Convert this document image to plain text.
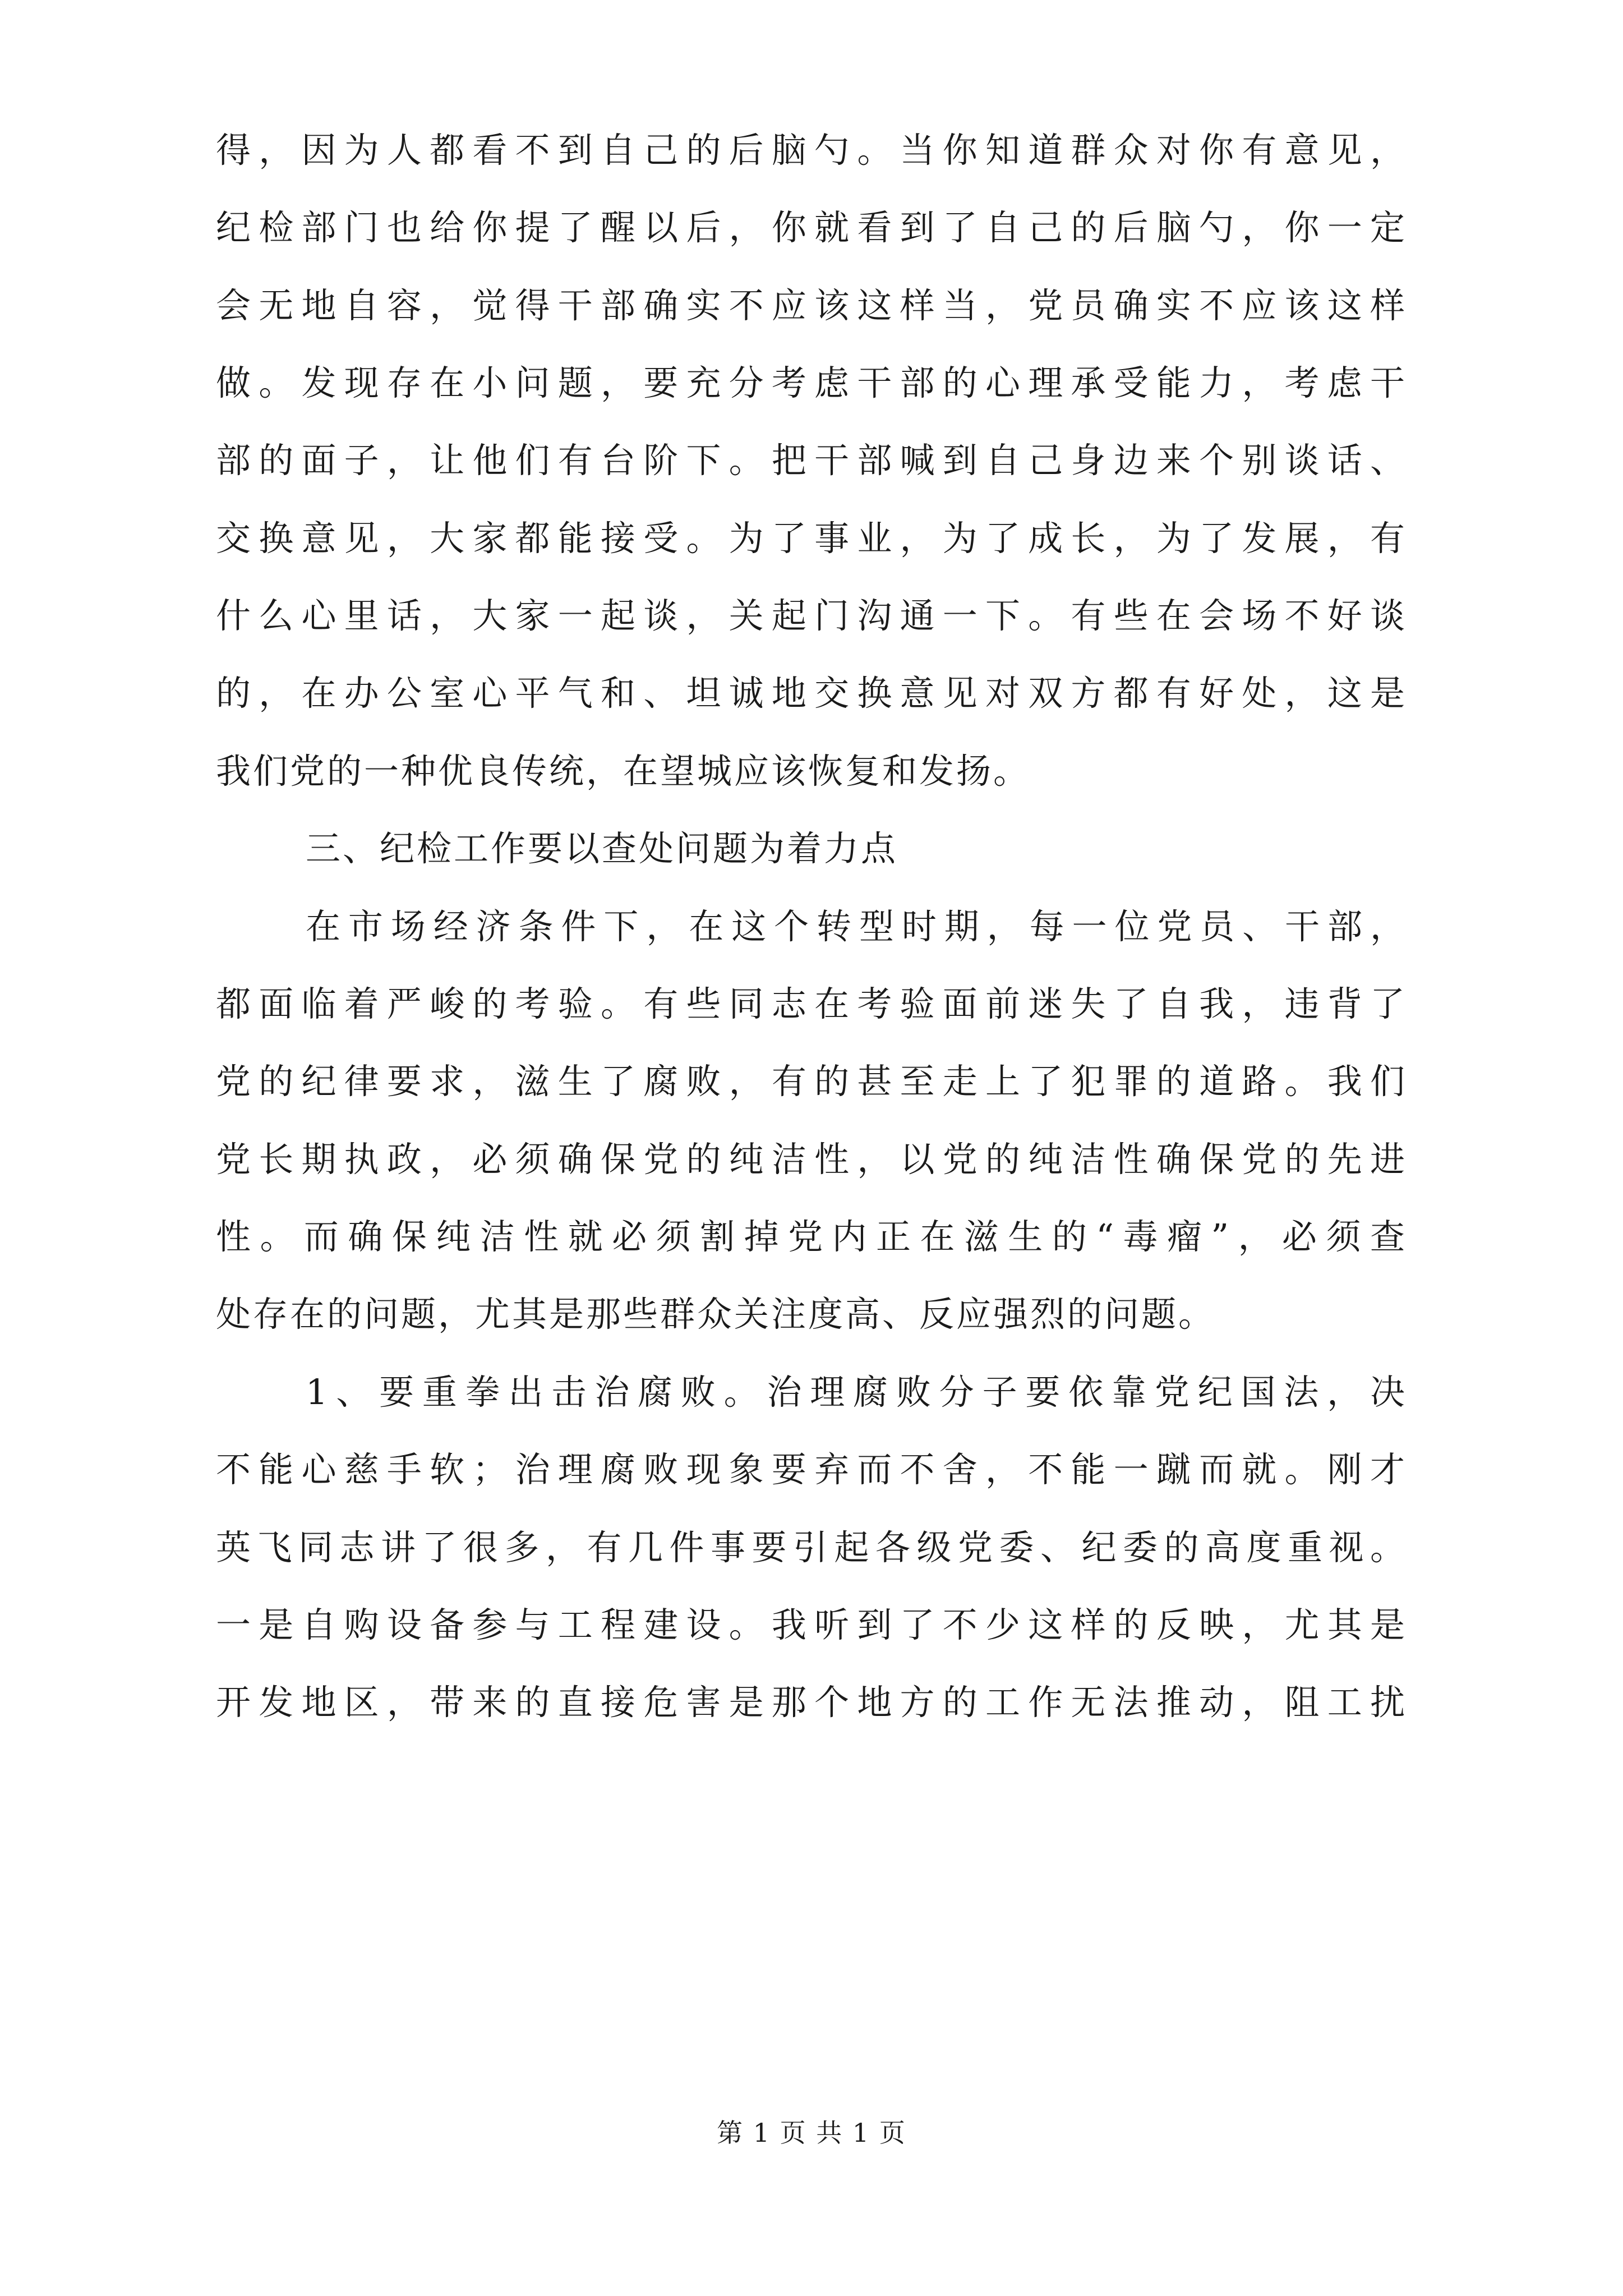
得，因为人都看不到自己的后脑勺。当你知道群众对你有意见，
纪检部门也给你提了醒以后，你就看到了自己的后脑勺，你一定
会无地自容，觉得干部确实不应该这样当，党员确实不应该这样
做。发现存在小问题，要充分考虑干部的心理承受能力，考虑干
部的面子，让他们有台阶下。把干部喊到自己身边来个别谈话、
交换意见，大家都能接受。为了事业，为了成长，为了发展，有
什么心里话，大家一起谈，关起门沟通一下。有些在会场不好谈
的，在办公室心平气和、坦诚地交换意见对双方都有好处，这是
我们党的一种优良传统，在望城应该恢复和发扬。
三、纪检工作要以查处问题为着力点
在市场经济条件下，在这个转型时期，每一位党员、干部，
都面临着严峻的考验。有些同志在考验面前迷失了自我，违背了
党的纪律要求，滋生了腐败，有的甚至走上了犯罪的道路。我们
党长期执政，必须确保党的纯洁性，以党的纯洁性确保党的先进
性。而确保纯洁性就必须割掉党内正在滋生的“毒瘤”，必须查
处存在的问题，尤其是那些群众关注度高、反应强烈的问题。
1、要重拳出击治腐败。治理腐败分子要依靠党纪国法，决
不能心慈手软；治理腐败现象要弃而不舍，不能一蹴而就。刚才
英飞同志讲了很多，有几件事要引起各级党委、纪委的高度重视。
一是自购设备参与工程建设。我听到了不少这样的反映，尤其是
开发地区，带来的直接危害是那个地方的工作无法推动，阻工扰
第 1 页 共 1 页
